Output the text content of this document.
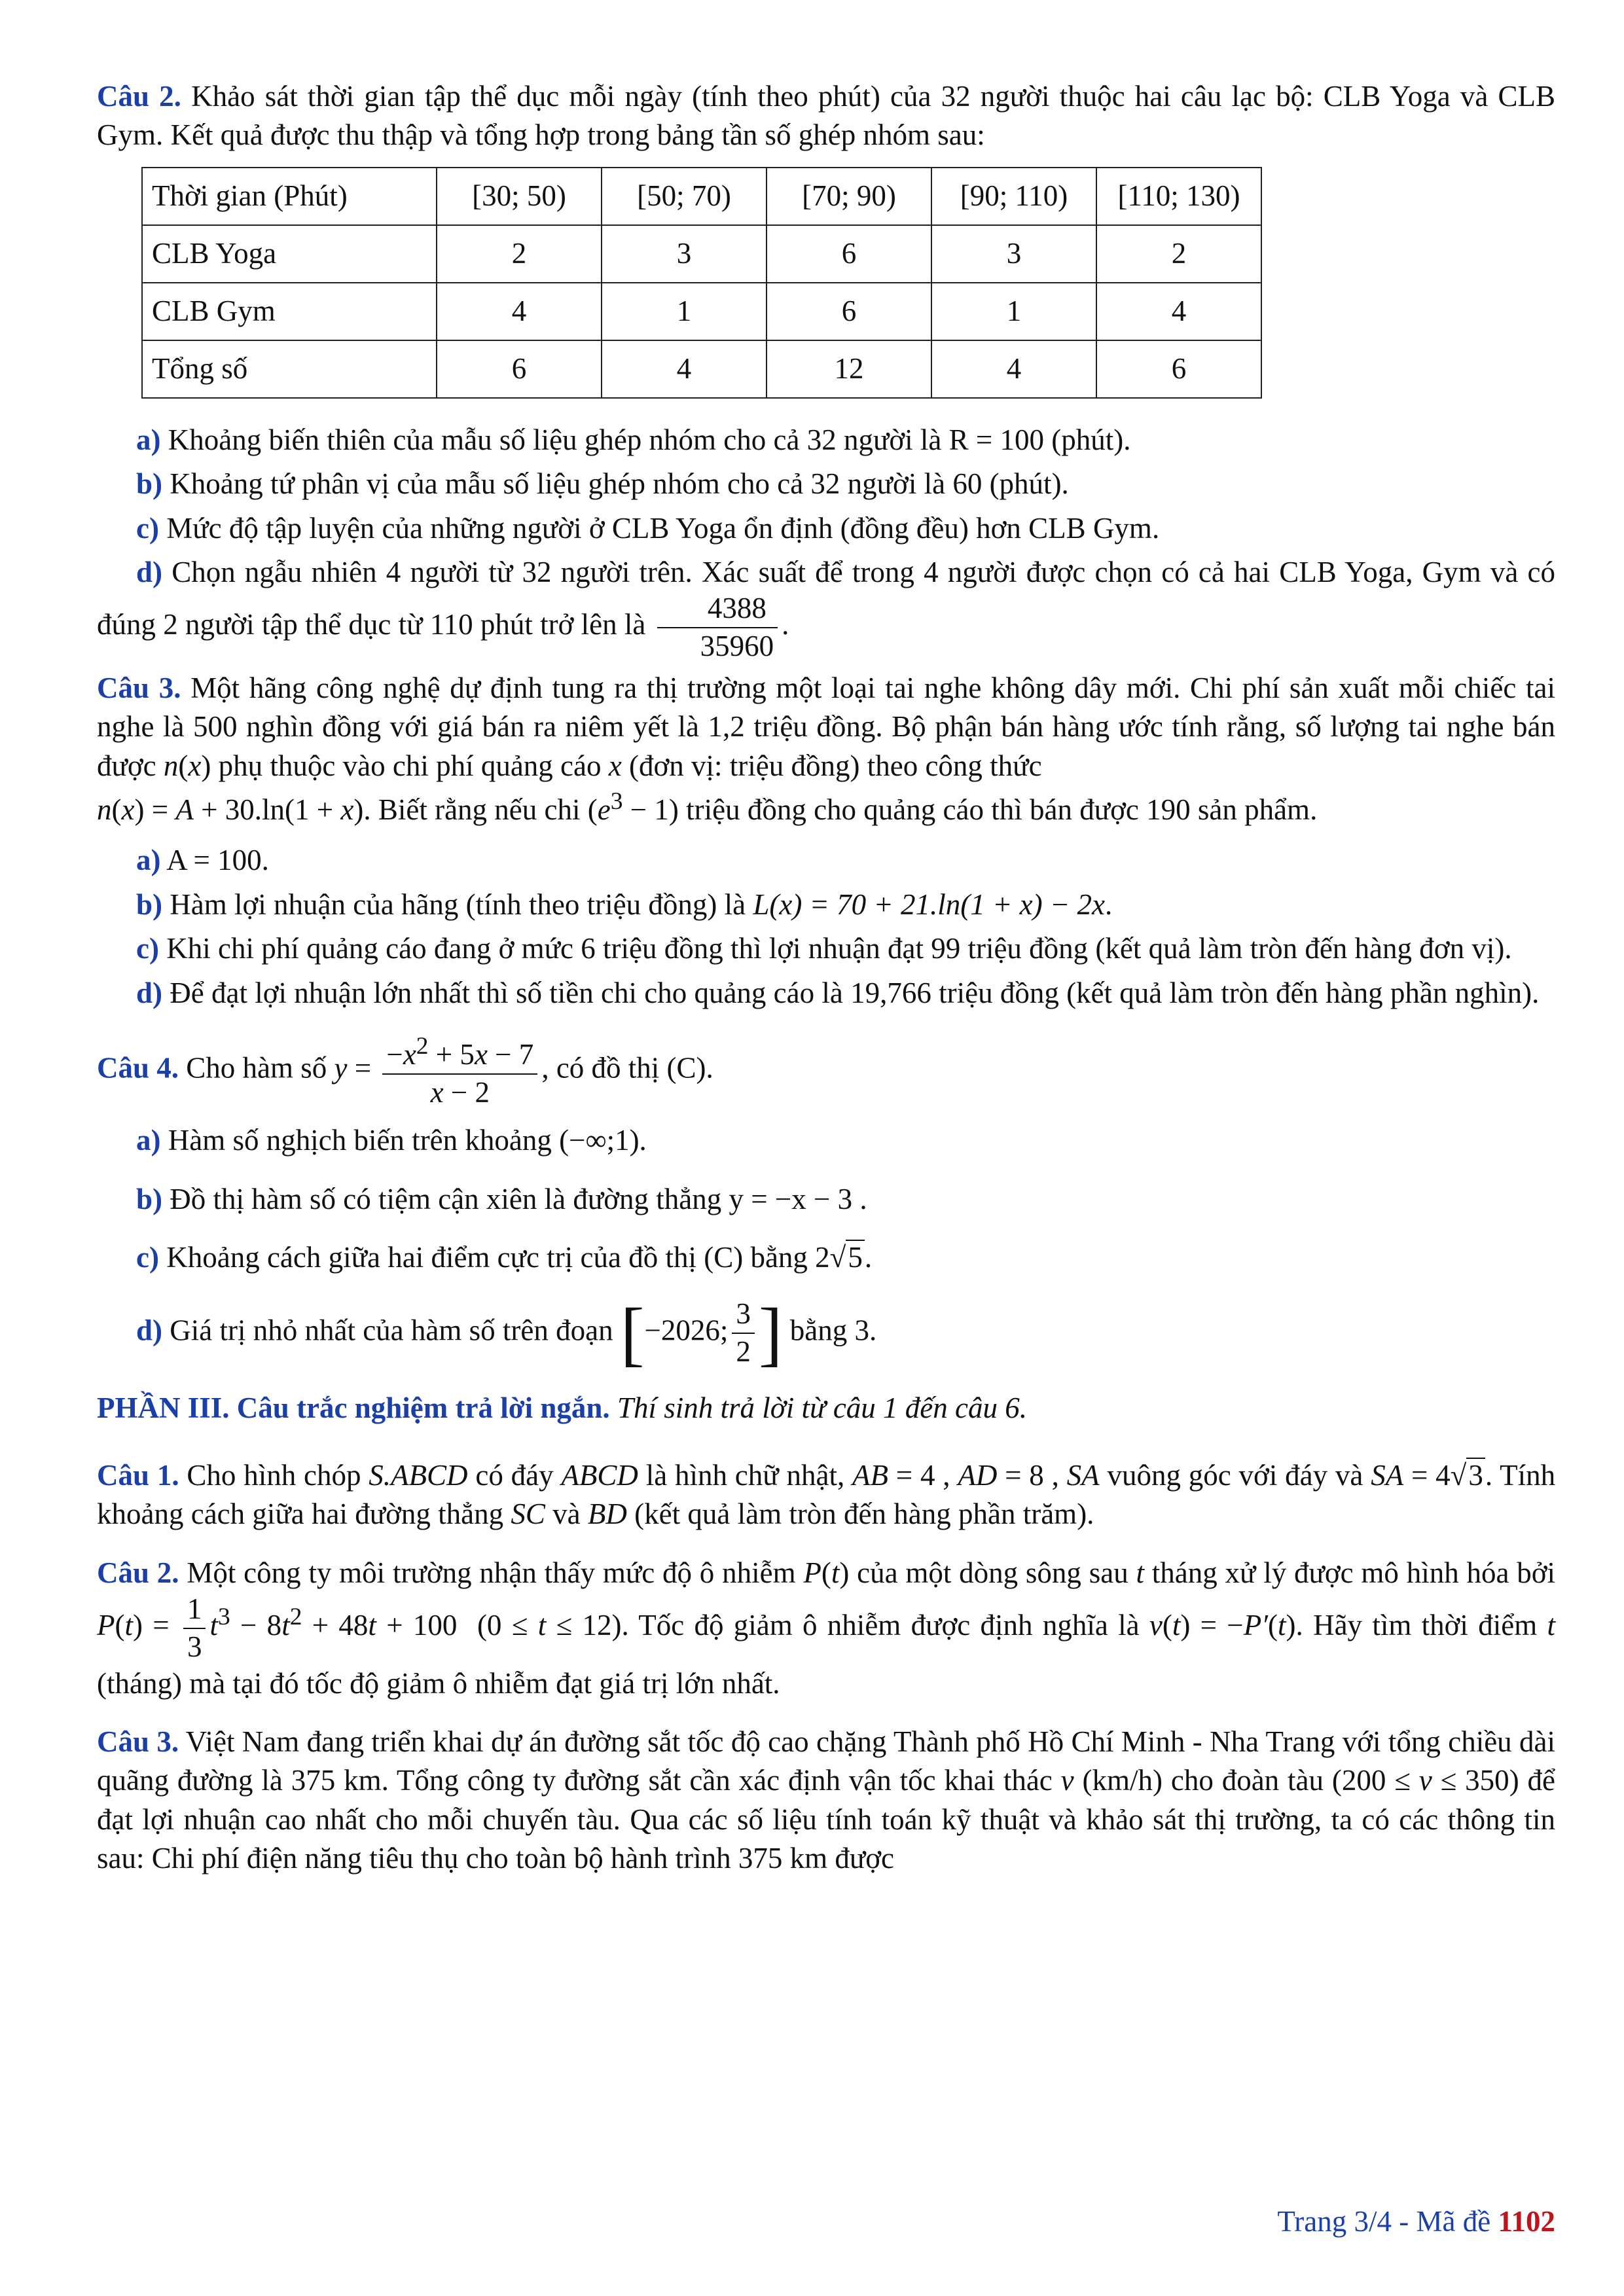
Câu 2. Khảo sát thời gian tập thể dục mỗi ngày (tính theo phút) của 32 người thuộc hai câu lạc bộ: CLB Yoga và CLB Gym. Kết quả được thu thập và tổng hợp trong bảng tần số ghép nhóm sau:

Thời gian (Phút)	[30; 50)	[50; 70)	[70; 90)	[90; 110)	[110; 130)
CLB Yoga	2	3	6	3	2
CLB Gym	4	1	6	1	4
Tổng số	6	4	12	4	6

a) Khoảng biến thiên của mẫu số liệu ghép nhóm cho cả 32 người là R = 100 (phút).

b) Khoảng tứ phân vị của mẫu số liệu ghép nhóm cho cả 32 người là 60 (phút).

c) Mức độ tập luyện của những người ở CLB Yoga ổn định (đồng đều) hơn CLB Gym.

d) Chọn ngẫu nhiên 4 người từ 32 người trên. Xác suất để trong 4 người được chọn có cả hai CLB Yoga, Gym và có đúng 2 người tập thể dục từ 110 phút trở lên là $\frac{4388}{35960}$ .

Câu 3. Một hãng công nghệ dự định tung ra thị trường một loại tai nghe không dây mới. Chi phí sản xuất mỗi chiếc tai nghe là 500 nghìn đồng với giá bán ra niêm yết là 1,2 triệu đồng. Bộ phận bán hàng ước tính rằng, số lượng tai nghe bán được n(x) phụ thuộc vào chi phí quảng cáo x (đơn vị: triệu đồng) theo công thức
n(x) = A + 30.ln(1 + x). Biết rằng nếu chi $(e^3 - 1)$ triệu đồng cho quảng cáo thì bán được 190 sản phẩm.

a) A = 100.

b) Hàm lợi nhuận của hãng (tính theo triệu đồng) là L(x) = 70 + 21.ln(1 + x) − 2x.

c) Khi chi phí quảng cáo đang ở mức 6 triệu đồng thì lợi nhuận đạt 99 triệu đồng (kết quả làm tròn đến hàng đơn vị).

d) Để đạt lợi nhuận lớn nhất thì số tiền chi cho quảng cáo là 19,766 triệu đồng (kết quả làm tròn đến hàng phần nghìn).

Câu 4. Cho hàm số $y = \frac{-x^2 + 5x - 7}{x - 2}$ , có đồ thị (C).

a) Hàm số nghịch biến trên khoảng (−∞;1).

b) Đồ thị hàm số có tiệm cận xiên là đường thẳng y = −x − 3 .

c) Khoảng cách giữa hai điểm cực trị của đồ thị (C) bằng 2√5.

d) Giá trị nhỏ nhất của hàm số trên đoạn [−2026; $\frac{3}{2}$ ] bằng 3.

PHẦN III. Câu trắc nghiệm trả lời ngắn. Thí sinh trả lời từ câu 1 đến câu 6.

Câu 1. Cho hình chóp S.ABCD có đáy ABCD là hình chữ nhật, AB = 4 , AD = 8 , SA vuông góc với đáy và SA = 4√3. Tính khoảng cách giữa hai đường thẳng SC và BD (kết quả làm tròn đến hàng phần trăm).

Câu 2. Một công ty môi trường nhận thấy mức độ ô nhiễm P(t) của một dòng sông sau t tháng xử lý được mô hình hóa bởi $P(t) = \frac{1}{3} t^3 - 8t^2 + 48t + 100$  (0 ≤ t ≤ 12). Tốc độ giảm ô nhiễm được định nghĩa là v(t) = −P′(t). Hãy tìm thời điểm t (tháng) mà tại đó tốc độ giảm ô nhiễm đạt giá trị lớn nhất.

Câu 3. Việt Nam đang triển khai dự án đường sắt tốc độ cao chặng Thành phố Hồ Chí Minh - Nha Trang với tổng chiều dài quãng đường là 375 km. Tổng công ty đường sắt cần xác định vận tốc khai thác v (km/h) cho đoàn tàu (200 ≤ v ≤ 350) để đạt lợi nhuận cao nhất cho mỗi chuyến tàu. Qua các số liệu tính toán kỹ thuật và khảo sát thị trường, ta có các thông tin sau: Chi phí điện năng tiêu thụ cho toàn bộ hành trình 375 km được

Trang 3/4 - Mã đề 1102
